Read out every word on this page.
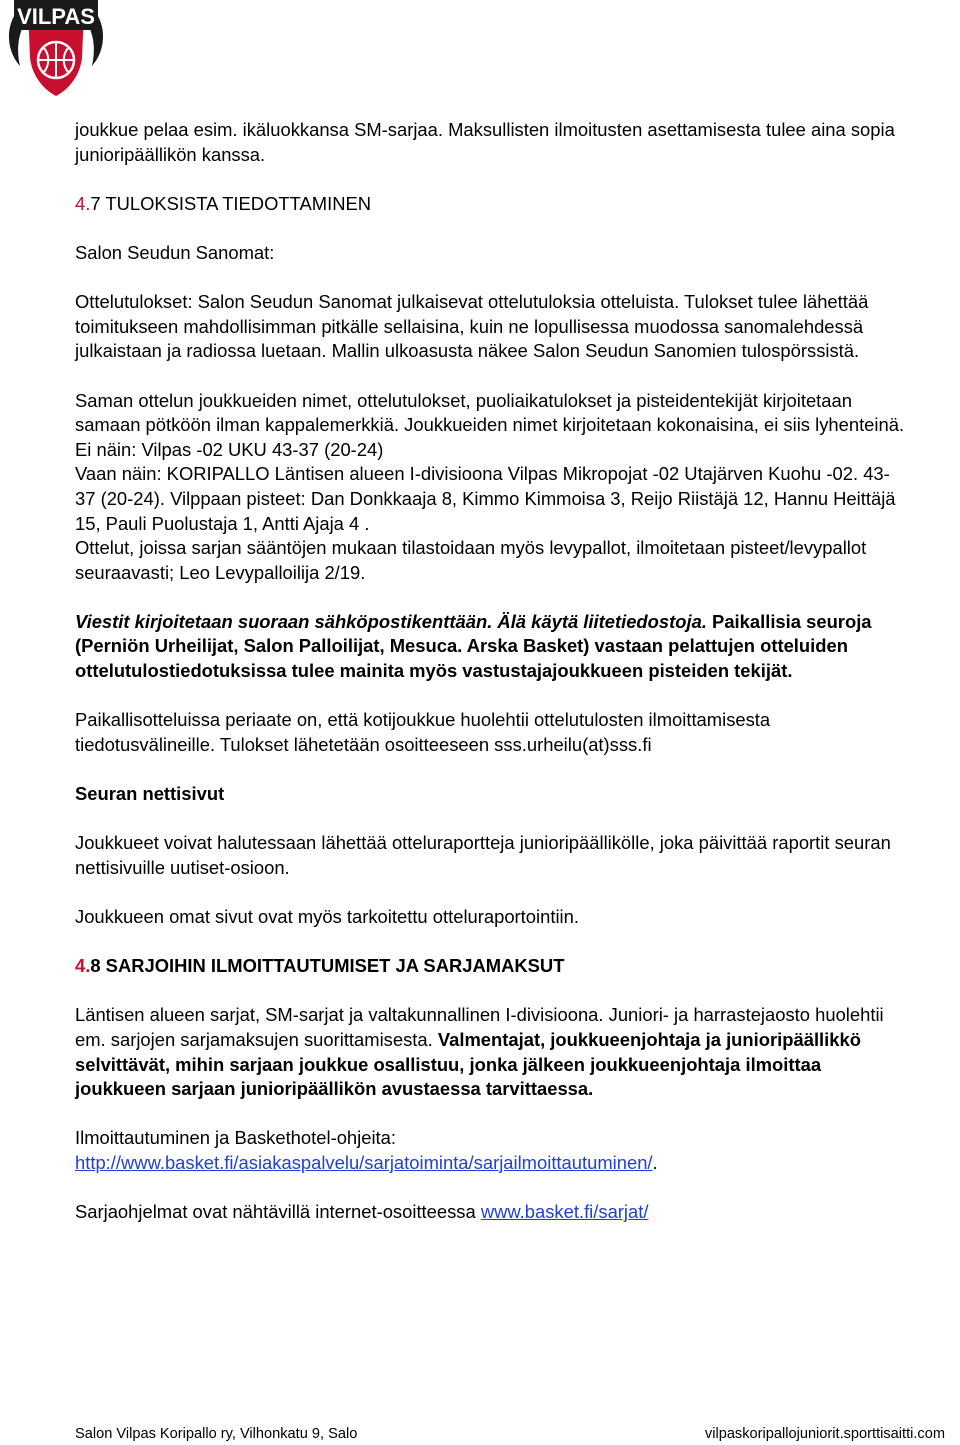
VILPAS

joukkue pelaa esim. ikäluokkansa SM-sarjaa. Maksullisten ilmoitusten asettamisesta tulee aina sopia junioripäällikön kanssa.

4.7 TULOKSISTA TIEDOTTAMINEN

Salon Seudun Sanomat:

Ottelutulokset: Salon Seudun Sanomat julkaisevat ottelutuloksia otteluista. Tulokset tulee lähettää toimitukseen mahdollisimman pitkälle sellaisina, kuin ne lopullisessa muodossa sanomalehdessä julkaistaan ja radiossa luetaan. Mallin ulkoasusta näkee Salon Seudun Sanomien tulospörssistä.

Saman ottelun joukkueiden nimet, ottelutulokset, puoliaikatulokset ja pisteidentekijät kirjoitetaan samaan pötköön ilman kappalemerkkiä. Joukkueiden nimet kirjoitetaan kokonaisina, ei siis lyhenteinä.

Ei näin: Vilpas -02 UKU 43-37 (20-24)

Vaan näin: KORIPALLO Läntisen alueen I-divisioona Vilpas Mikropojat -02 Utajärven Kuohu -02. 43-37 (20-24). Vilppaan pisteet: Dan Donkkaaja 8, Kimmo Kimmoisa 3, Reijo Riistäjä 12, Hannu Heittäjä 15, Pauli Puolustaja 1, Antti Ajaja 4 .

Ottelut, joissa sarjan sääntöjen mukaan tilastoidaan myös levypallot, ilmoitetaan pisteet/levypallot seuraavasti; Leo Levypalloilija 2/19.

Viestit kirjoitetaan suoraan sähköpostikenttään. Älä käytä liitetiedostoja. Paikallisia seuroja (Perniön Urheilijat, Salon Palloilijat, Mesuca. Arska Basket) vastaan pelattujen otteluiden ottelutulostiedotuksissa tulee mainita myös vastustajajoukkueen pisteiden tekijät.

Paikallisotteluissa periaate on, että kotijoukkue huolehtii ottelutulosten ilmoittamisesta tiedotusvälineille. Tulokset lähetetään osoitteeseen sss.urheilu(at)sss.fi

Seuran nettisivut

Joukkueet voivat halutessaan lähettää otteluraportteja junioripäällikölle, joka päivittää raportit seuran nettisivuille uutiset-osioon.

Joukkueen omat sivut ovat myös tarkoitettu otteluraportointiin.

4.8 SARJOIHIN ILMOITTAUTUMISET JA SARJAMAKSUT

Läntisen alueen sarjat, SM-sarjat ja valtakunnallinen I-divisioona. Juniori- ja harrastejaosto huolehtii em. sarjojen sarjamaksujen suorittamisesta. Valmentajat, joukkueenjohtaja ja junioripäällikkö selvittävät, mihin sarjaan joukkue osallistuu, jonka jälkeen joukkueenjohtaja ilmoittaa joukkueen sarjaan junioripäällikön avustaessa tarvittaessa.

Ilmoittautuminen ja Baskethotel-ohjeita:

http://www.basket.fi/asiakaspalvelu/sarjatoiminta/sarjailmoittautuminen/.

Sarjaohjelmat ovat nähtävillä internet-osoitteessa www.basket.fi/sarjat/

Salon Vilpas Koripallo ry, Vilhonkatu 9, Salo	vilpaskoripallojuniorit.sporttisaitti.com
